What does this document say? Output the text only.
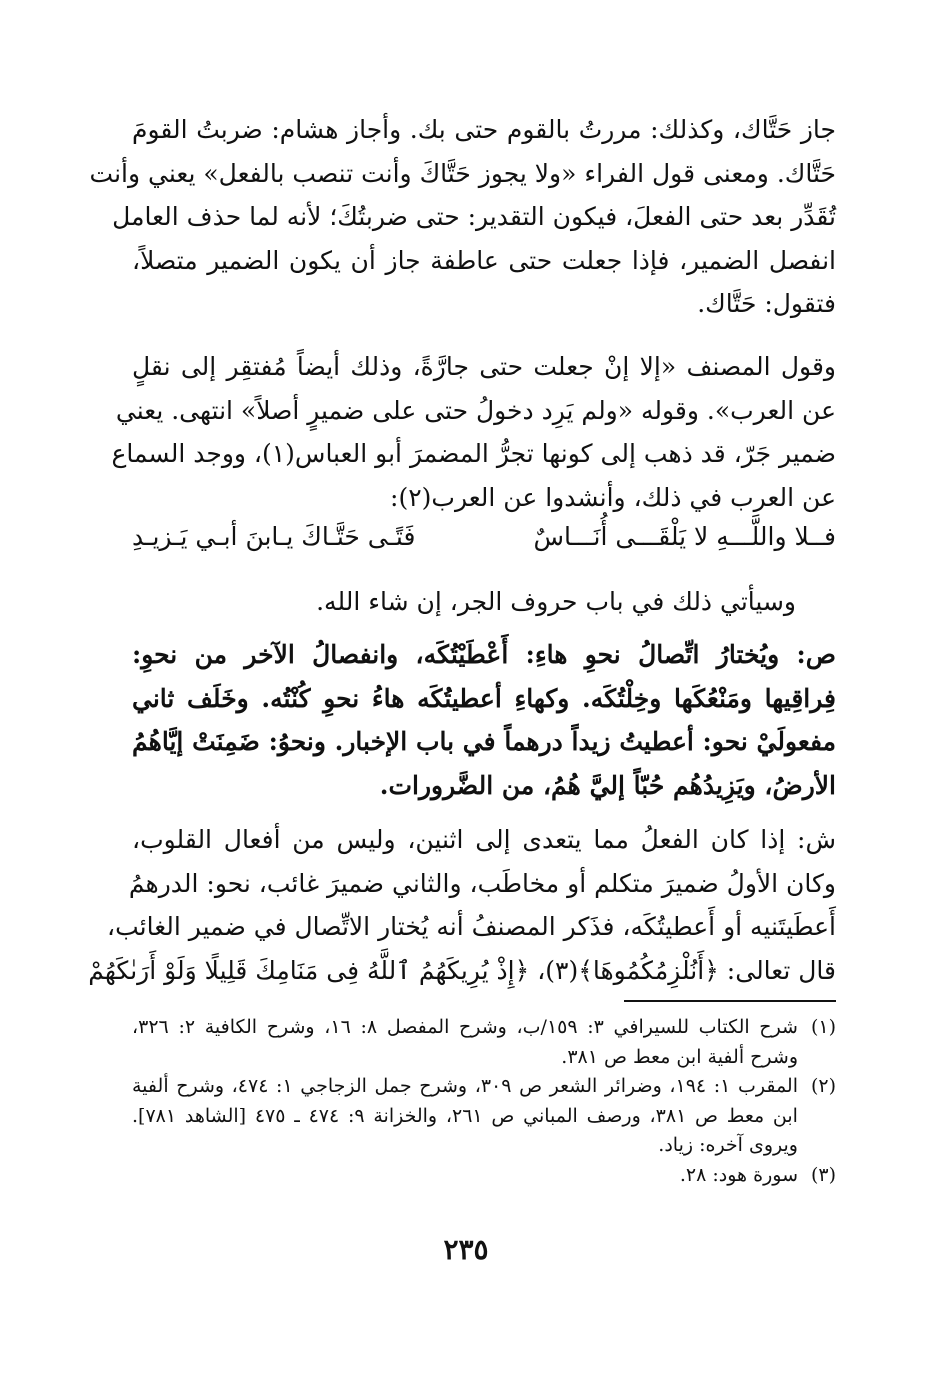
جاز حَتَّاك، وكذلك: مررتُ بالقوم حتى بك. وأجاز هشام: ضربتُ القومَ
حَتَّاك. ومعنى قول الفراء «ولا يجوز حَتَّاكَ وأنت تنصب بالفعل» يعني وأنت
تُقَدِّر بعد حتى الفعلَ، فيكون التقدير: حتى ضربتُكَ؛ لأنه لما حذف العامل
انفصل الضمير، فإذا جعلت حتى عاطفة جاز أن يكون الضمير متصلاً،
فتقول: حَتَّاك.
وقول المصنف «إلا إنْ جعلت حتى جارَّةً، وذلك أيضاً مُفتقِر إلى نقلٍ
عن العرب». وقوله «ولم يَرِد دخولُ حتى على ضميرٍ أصلاً» انتهى. يعني
ضمير جَرّ، قد ذهب إلى كونها تجرُّ المضمرَ أبو العباس(١)، ووجد السماع
عن العرب في ذلك، وأنشدوا عن العرب(٢):
فــلا واللَّـــهِ لا يَلْقَـــى أُنَـــاسٌ
فَتًـى حَتَّـاكَ يـابنَ أبـي يَـزيـدِ
وسيأتي ذلك في باب حروف الجر، إن شاء الله.
ص: ويُختارُ اتِّصالُ نحوِ هاءِ: أَعْطَيْتُكَه، وانفصالُ الآخر من نحوِ:
فِراقِيها ومَنْعُكَها وخِلْتُكَه. وكهاءِ أعطيتُكَه هاءُ نحوِ كُنْتُه. وخَلَف ثاني
مفعولَيْ نحو: أعطيتُ زيداً درهماً في باب الإخبار. ونحوُ: ضَمِنَتْ إيَّاهُمُ
الأرضُ، ويَزِيدُهُم حُبّاً إليَّ هُمُ، من الضَّرورات.
ش: إذا كان الفعلُ مما يتعدى إلى اثنين، وليس من أفعال القلوب،
وكان الأولُ ضميرَ متكلم أو مخاطَب، والثاني ضميرَ غائب، نحو: الدرهمُ
أَعطَيتَنيه أو أَعطيتُكَه، فذَكر المصنفُ أنه يُختار الاتِّصال في ضمير الغائب،
قال تعالى: ﴿أَنُلْزِمُكُمُوهَا﴾(٣)، ﴿إِذْ يُرِيكَهُمُ ٱللَّهُ فِى مَنَامِكَ قَلِيلًا وَلَوْ أَرَىٰكَهُمْ
(١)
شرح الكتاب للسيرافي ٣: ١٥٩/ب، وشرح المفصل ٨: ١٦، وشرح الكافية ٢: ٣٢٦،
وشرح ألفية ابن معط ص ٣٨١.
(٢)
المقرب ١: ١٩٤، وضرائر الشعر ص ٣٠٩، وشرح جمل الزجاجي ١: ٤٧٤، وشرح ألفية
ابن معط ص ٣٨١، ورصف المباني ص ٢٦١، والخزانة ٩: ٤٧٤ ـ ٤٧٥ [الشاهد ٧٨١].
ويروى آخره: زياد.
(٣)
سورة هود: ٢٨.
٢٣٥
